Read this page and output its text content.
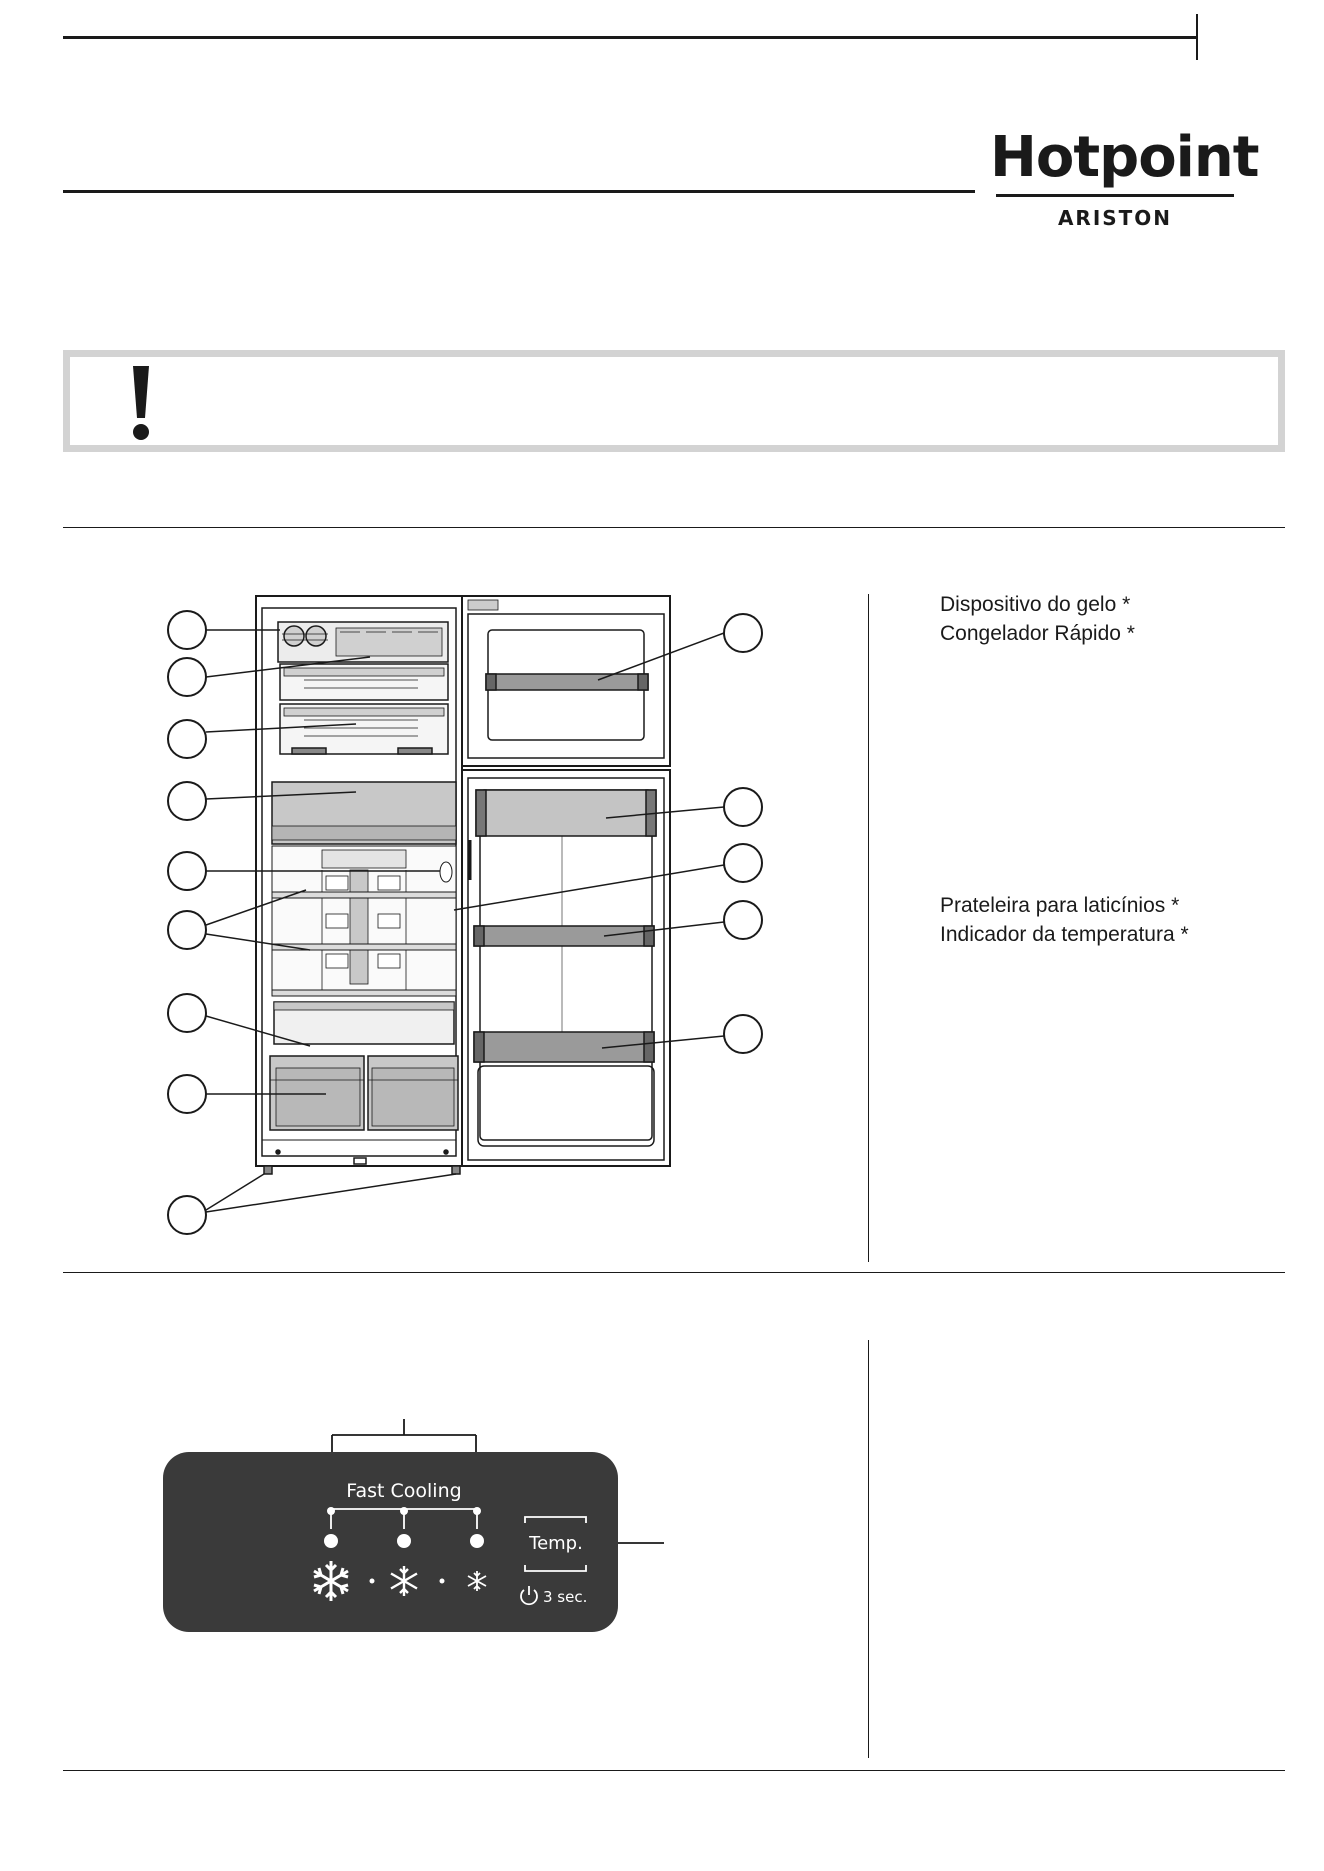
Hotpoint
ARISTON
Dispositivo do gelo *
Congelador Rápido *
Prateleira para laticínios *
Indicador da temperatura *
Fast Cooling
Temp.
3 sec.
